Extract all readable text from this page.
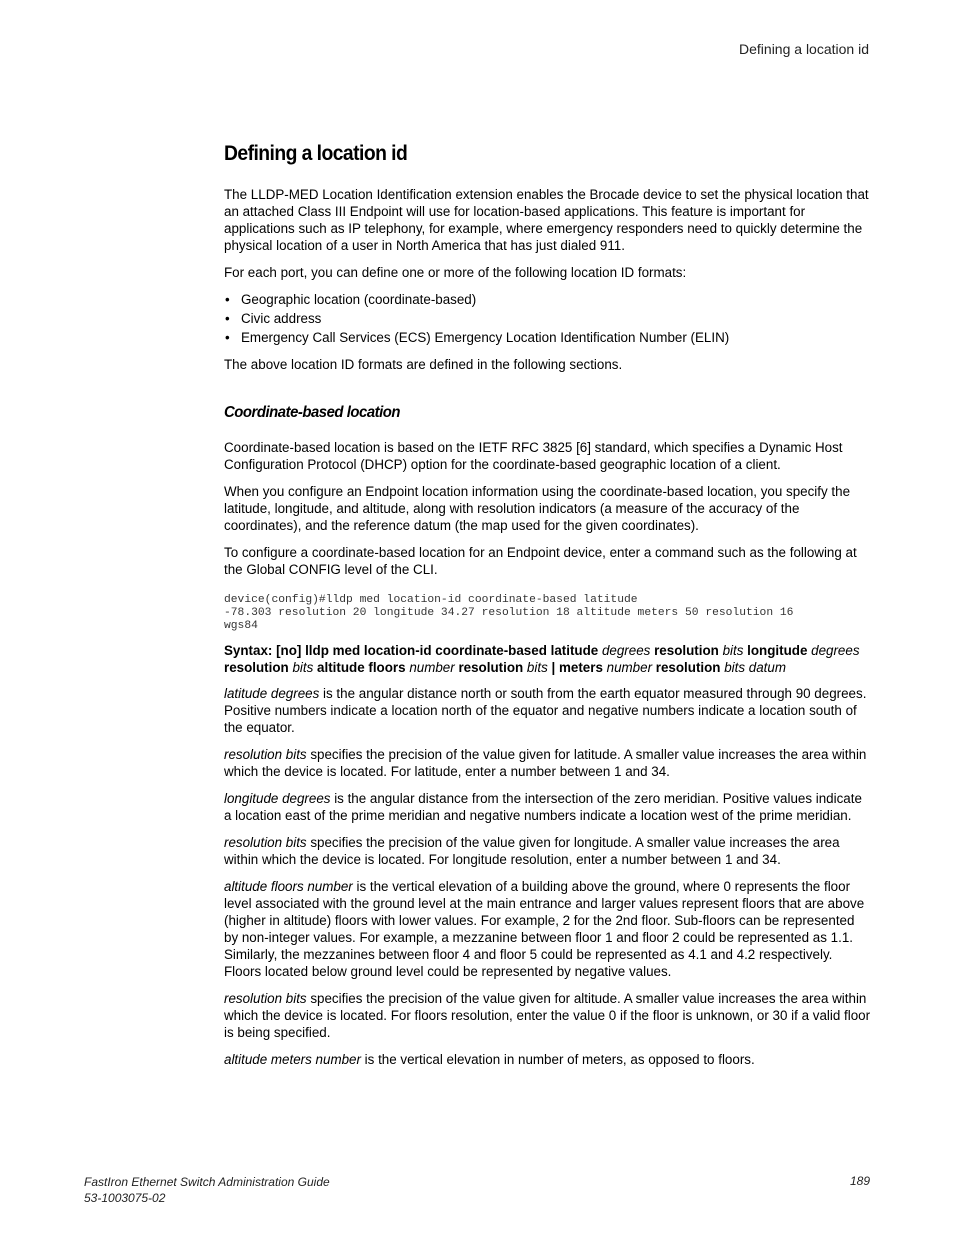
Defining a location id
Defining a location id

The LLDP-MED Location Identification extension enables the Brocade device to set the physical location that an attached Class III Endpoint will use for location-based applications. This feature is important for applications such as IP telephony, for example, where emergency responders need to quickly determine the physical location of a user in North America that has just dialed 911.

For each port, you can define one or more of the following location ID formats:

• Geographic location (coordinate-based)
• Civic address
• Emergency Call Services (ECS) Emergency Location Identification Number (ELIN)

The above location ID formats are defined in the following sections.

Coordinate-based location

Coordinate-based location is based on the IETF RFC 3825 [6] standard, which specifies a Dynamic Host Configuration Protocol (DHCP) option for the coordinate-based geographic location of a client.

When you configure an Endpoint location information using the coordinate-based location, you specify the latitude, longitude, and altitude, along with resolution indicators (a measure of the accuracy of the coordinates), and the reference datum (the map used for the given coordinates).

To configure a coordinate-based location for an Endpoint device, enter a command such as the following at the Global CONFIG level of the CLI.

device(config)#lldp med location-id coordinate-based latitude
-78.303 resolution 20 longitude 34.27 resolution 18 altitude meters 50 resolution 16
wgs84

Syntax: [no] lldp med location-id coordinate-based latitude degrees resolution bits longitude degrees resolution bits altitude floors number resolution bits | meters number resolution bits datum

latitude degrees is the angular distance north or south from the earth equator measured through 90 degrees. Positive numbers indicate a location north of the equator and negative numbers indicate a location south of the equator.

resolution bits specifies the precision of the value given for latitude. A smaller value increases the area within which the device is located. For latitude, enter a number between 1 and 34.

longitude degrees is the angular distance from the intersection of the zero meridian. Positive values indicate a location east of the prime meridian and negative numbers indicate a location west of the prime meridian.

resolution bits specifies the precision of the value given for longitude. A smaller value increases the area within which the device is located. For longitude resolution, enter a number between 1 and 34.

altitude floors number is the vertical elevation of a building above the ground, where 0 represents the floor level associated with the ground level at the main entrance and larger values represent floors that are above (higher in altitude) floors with lower values. For example, 2 for the 2nd floor. Sub-floors can be represented by non-integer values. For example, a mezzanine between floor 1 and floor 2 could be represented as 1.1. Similarly, the mezzanines between floor 4 and floor 5 could be represented as 4.1 and 4.2 respectively. Floors located below ground level could be represented by negative values.

resolution bits specifies the precision of the value given for altitude. A smaller value increases the area within which the device is located. For floors resolution, enter the value 0 if the floor is unknown, or 30 if a valid floor is being specified.

altitude meters number is the vertical elevation in number of meters, as opposed to floors.

FastIron Ethernet Switch Administration Guide
53-1003075-02
189
